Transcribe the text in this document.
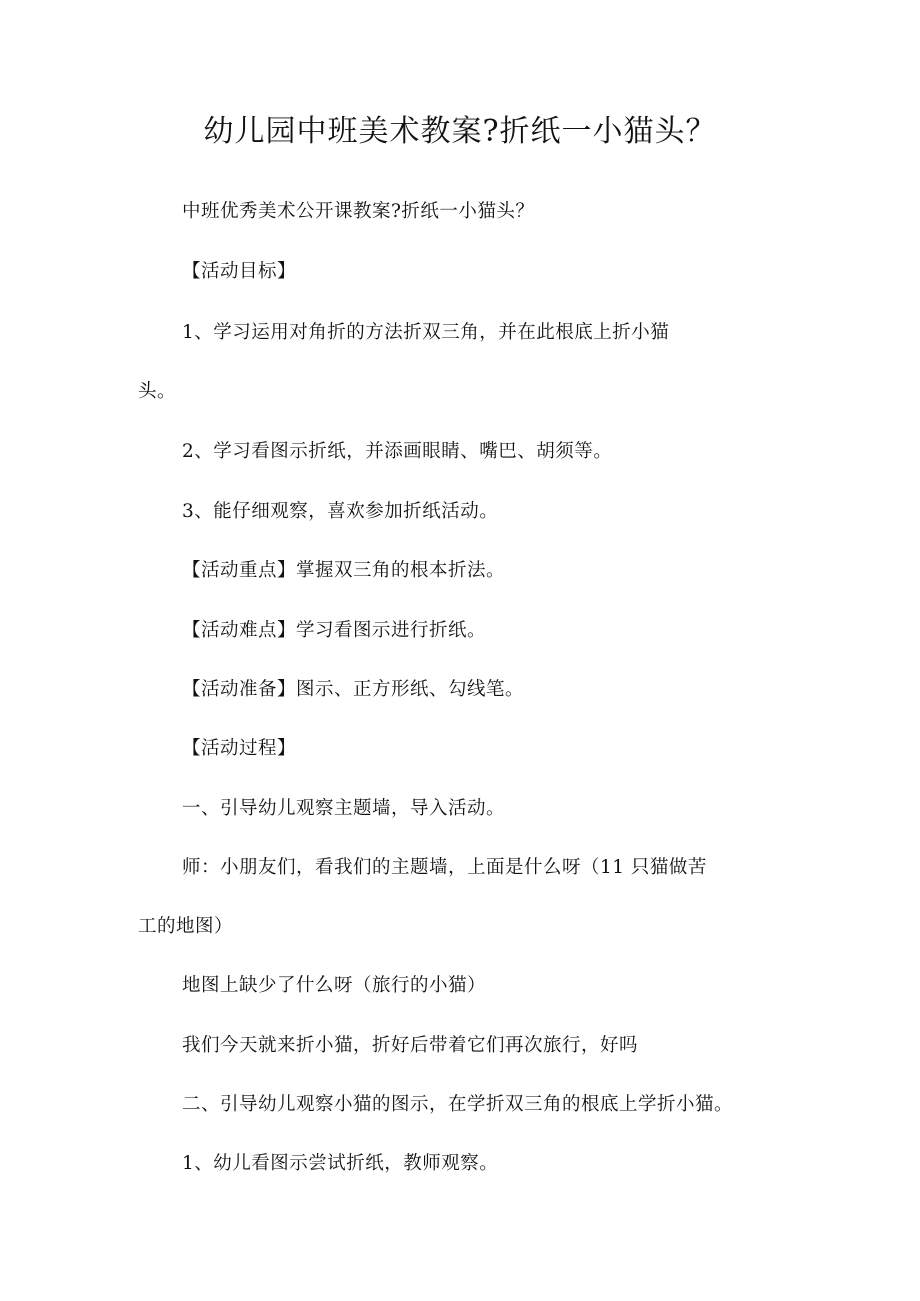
幼儿园中班美术教案?折纸一小猫头？
中班优秀美术公开课教案?折纸一小猫头？
【活动目标】
1、学习运用对角折的方法折双三角，并在此根底上折小猫
头。
2、学习看图示折纸，并添画眼睛、嘴巴、胡须等。
3、能仔细观察，喜欢参加折纸活动。
【活动重点】掌握双三角的根本折法。
【活动难点】学习看图示进行折纸。
【活动准备】图示、正方形纸、勾线笔。
【活动过程】
一、引导幼儿观察主题墙，导入活动。
师：小朋友们，看我们的主题墙，上面是什么呀（11 只猫做苦
工的地图）
地图上缺少了什么呀（旅行的小猫）
我们今天就来折小猫，折好后带着它们再次旅行，好吗
二、引导幼儿观察小猫的图示，在学折双三角的根底上学折小猫。
1、幼儿看图示尝试折纸，教师观察。
